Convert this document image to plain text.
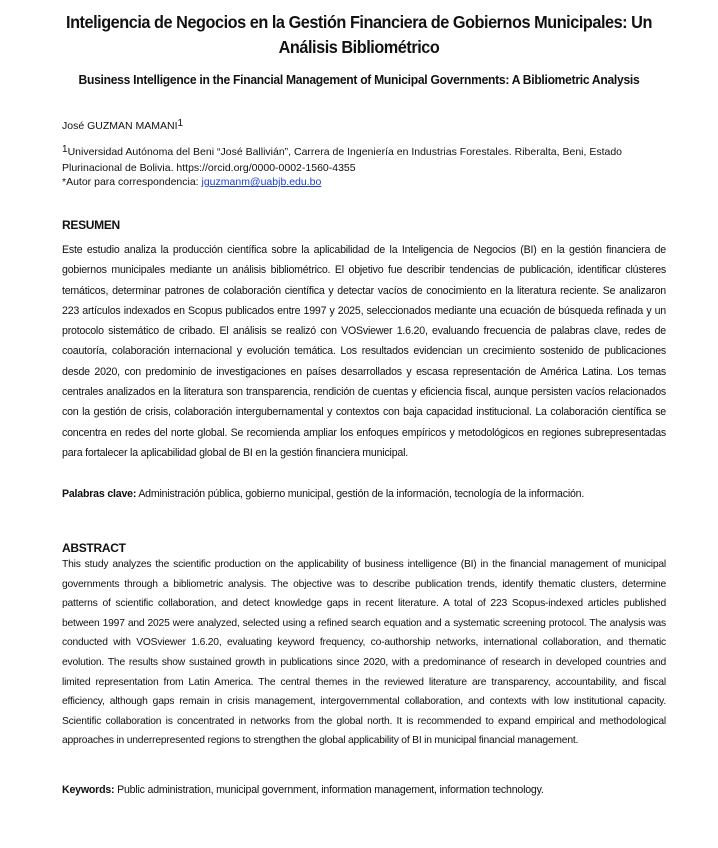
Inteligencia de Negocios en la Gestión Financiera de Gobiernos Municipales: Un Análisis Bibliométrico
Business Intelligence in the Financial Management of Municipal Governments: A Bibliometric Analysis
José GUZMAN MAMANI$^1$
$^1$Universidad Autónoma del Beni “José Ballivián”, Carrera de Ingeniería en Industrias Forestales. Riberalta, Beni, Estado Plurinacional de Bolivia. https://orcid.org/0000-0002-1560-4355
*Autor para correspondencia: jguzmanm@uabjb.edu.bo
RESUMEN
Este estudio analiza la producción científica sobre la aplicabilidad de la Inteligencia de Negocios (BI) en la gestión financiera de gobiernos municipales mediante un análisis bibliométrico. El objetivo fue describir tendencias de publicación, identificar clústeres temáticos, determinar patrones de colaboración científica y detectar vacíos de conocimiento en la literatura reciente. Se analizaron 223 artículos indexados en Scopus publicados entre 1997 y 2025, seleccionados mediante una ecuación de búsqueda refinada y un protocolo sistemático de cribado. El análisis se realizó con VOSviewer 1.6.20, evaluando frecuencia de palabras clave, redes de coautoría, colaboración internacional y evolución temática. Los resultados evidencian un crecimiento sostenido de publicaciones desde 2020, con predominio de investigaciones en países desarrollados y escasa representación de América Latina. Los temas centrales analizados en la literatura son transparencia, rendición de cuentas y eficiencia fiscal, aunque persisten vacíos relacionados con la gestión de crisis, colaboración intergubernamental y contextos con baja capacidad institucional. La colaboración científica se concentra en redes del norte global. Se recomienda ampliar los enfoques empíricos y metodológicos en regiones subrepresentadas para fortalecer la aplicabilidad global de BI en la gestión financiera municipal.
Palabras clave: Administración pública, gobierno municipal, gestión de la información, tecnología de la información.
ABSTRACT
This study analyzes the scientific production on the applicability of business intelligence (BI) in the financial management of municipal governments through a bibliometric analysis. The objective was to describe publication trends, identify thematic clusters, determine patterns of scientific collaboration, and detect knowledge gaps in recent literature. A total of 223 Scopus-indexed articles published between 1997 and 2025 were analyzed, selected using a refined search equation and a systematic screening protocol. The analysis was conducted with VOSviewer 1.6.20, evaluating keyword frequency, co-authorship networks, international collaboration, and thematic evolution. The results show sustained growth in publications since 2020, with a predominance of research in developed countries and limited representation from Latin America. The central themes in the reviewed literature are transparency, accountability, and fiscal efficiency, although gaps remain in crisis management, intergovernmental collaboration, and contexts with low institutional capacity. Scientific collaboration is concentrated in networks from the global north. It is recommended to expand empirical and methodological approaches in underrepresented regions to strengthen the global applicability of BI in municipal financial management.
Keywords: Public administration, municipal government, information management, information technology.
